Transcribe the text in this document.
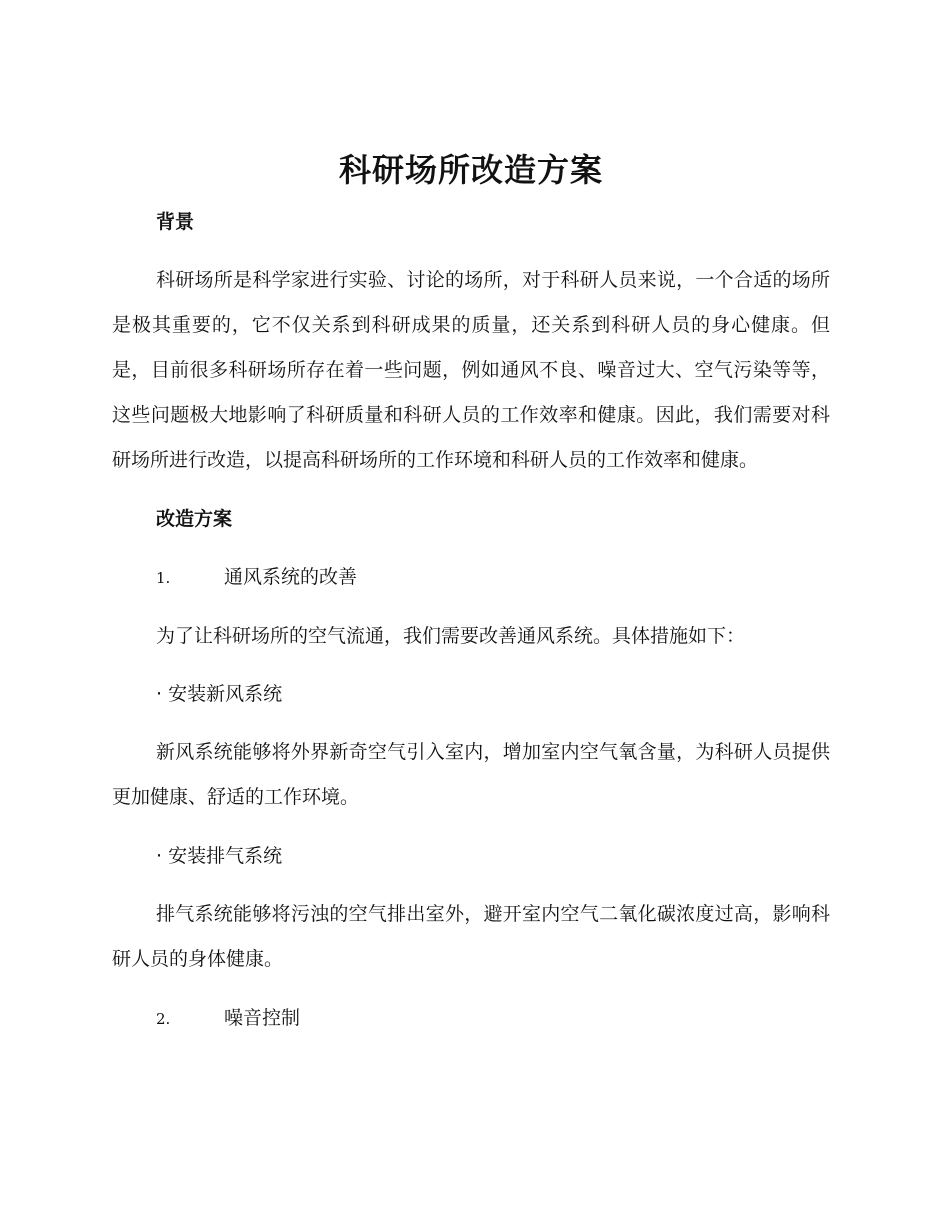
科研场所改造方案
背景

科研场所是科学家进行实验、讨论的场所，对于科研人员来说，一个合适的场所是极其重要的，它不仅关系到科研成果的质量，还关系到科研人员的身心健康。但是，目前很多科研场所存在着一些问题，例如通风不良、噪音过大、空气污染等等，这些问题极大地影响了科研质量和科研人员的工作效率和健康。因此，我们需要对科研场所进行改造，以提高科研场所的工作环境和科研人员的工作效率和健康。

改造方案
1.	通风系统的改善

为了让科研场所的空气流通，我们需要改善通风系统。具体措施如下：

· 安装新风系统

新风系统能够将外界新奇空气引入室内，增加室内空气氧含量，为科研人员提供更加健康、舒适的工作环境。

· 安装排气系统

排气系统能够将污浊的空气排出室外，避开室内空气二氧化碳浓度过高，影响科研人员的身体健康。

2.	噪音控制
